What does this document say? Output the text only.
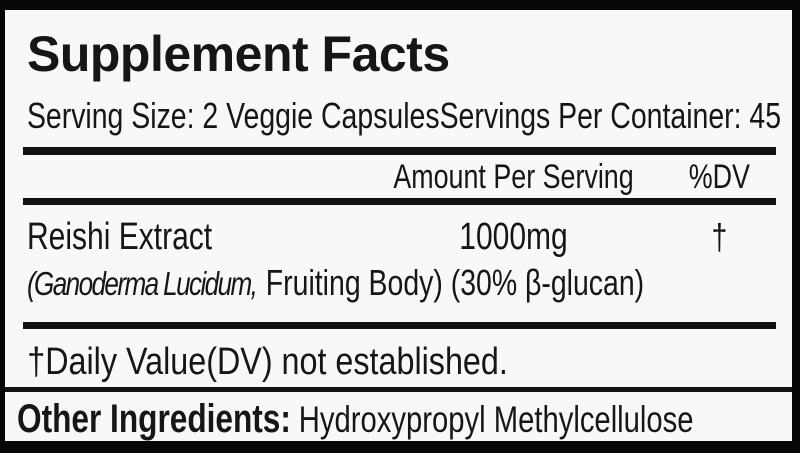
Supplement Facts
Serving Size: 2 Veggie Capsules Servings Per Container: 45
Amount Per Serving	%DV
Reishi Extract	1000mg	†
(Ganoderma Lucidum, Fruiting Body) (30% β-glucan)
†Daily Value(DV) not established.
Other Ingredients: Hydroxypropyl Methylcellulose
